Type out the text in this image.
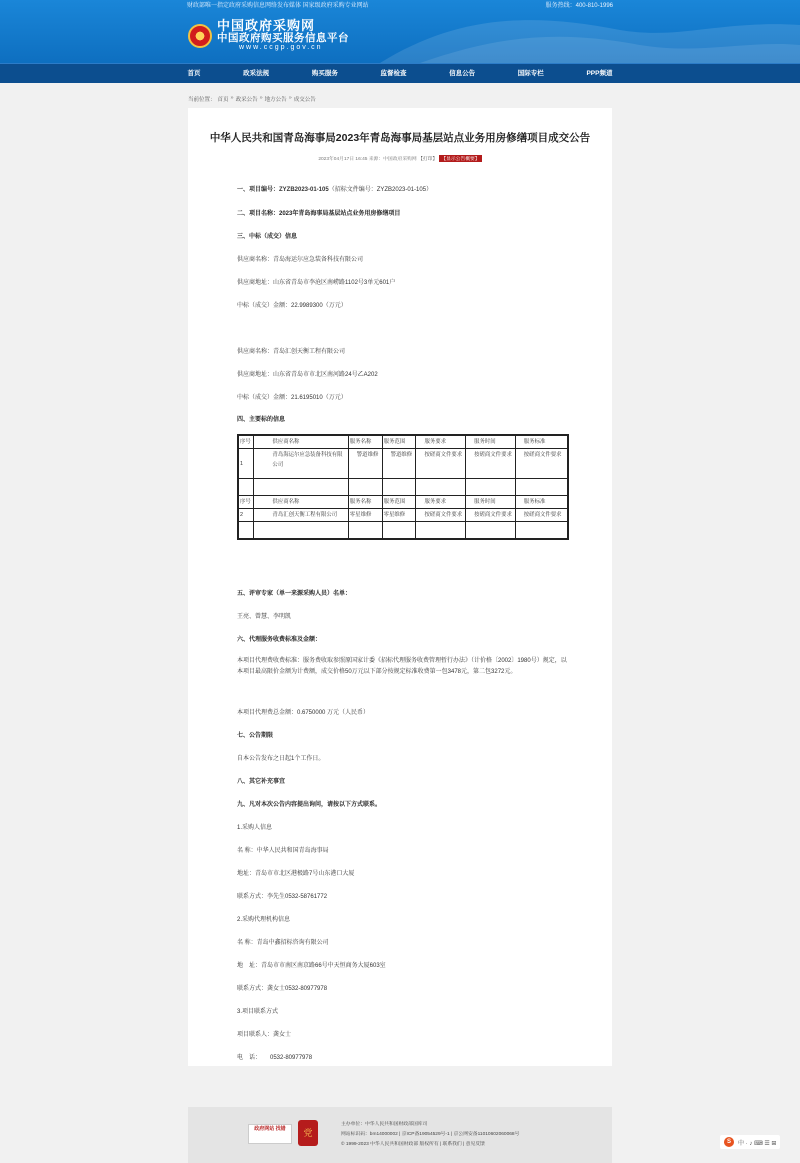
财政部唯一指定政府采购信息网络发布媒体 国家级政府采购专业网站	服务热线：400-810-1996
中国政府采购网
中国政府购买服务信息平台
www.ccgp.gov.cn
首页	政采法规	购买服务	监督检查	信息公告	国际专栏	PPP频道
当前位置： 首页 » 政采公告 » 地方公告 » 成交公告
中华人民共和国青岛海事局2023年青岛海事局基层站点业务用房修缮项目成交公告
2023年04月17日 16:45 来源：中国政府采购网 【打印】 【显示公告概要】
一、项目编号：ZYZB2023-01-105（招标文件编号：ZYZB2023-01-105）
二、项目名称：2023年青岛海事局基层站点业务用房修缮项目
三、中标（成交）信息
供应商名称：青岛海运尔应急装备科技有限公司
供应商地址：山东省青岛市李沧区南崂路1102号3单元601户
中标（成交）金额：22.9989300（万元）
供应商名称：青岛汇创天衡工程有限公司
供应商地址：山东省青岛市市北区南河路24号乙A202
中标（成交）金额：21.6195010（万元）
四、主要标的信息
序号	供应商名称	服务名称	服务范围	服务要求	服务时间	服务标准
1	青岛海运尔应急装备科技有限公司	警道维修	警道维修	按磋商文件要求	按磋商文件要求	按磋商文件要求

序号	供应商名称	服务名称	服务范围	服务要求	服务时间	服务标准
2	青岛汇创天衡工程有限公司	零星维修	零星维修	按磋商文件要求	按磋商文件要求	按磋商文件要求

五、评审专家（单一来源采购人员）名单：
王亮、曾慧、李明凯
六、代理服务收费标准及金额：
本项目代理费收费标准：服务费收取参照原国家计委《招标代理服务收费管理暂行办法》（计价格〔2002〕1980号）规定，以本项目最高限价金额为计费额，成交价格50万元以下部分按规定标准收费第一包3478元，第二包3272元。
本项目代理费总金额：0.6750000 万元（人民币）
七、公告期限
自本公告发布之日起1个工作日。
八、其它补充事宜
九、凡对本次公告内容提出询问，请按以下方式联系。
1.采购人信息
名 称：中华人民共和国青岛海事局
地址：青岛市市北区港极路7号山东港口大厦
联系方式：李先生0532-58761772
2.采购代理机构信息
名 称：青岛中鑫招标咨询有限公司
地　址：青岛市市南区南京路66号中天恒商务大厦603室
联系方式：龚女士0532-80977978
3.项目联系方式
项目联系人：龚女士
电　话：　　0532-80977978
政府网站 找错	党
主办单位：中华人民共和国财政部国库司
网站标识码：bm14000002 | 京ICP备19054529号-1 | 京公网安备11010602060068号
© 1999-2023 中华人民共和国财政部 版权所有 | 联系我们 | 意见反馈	S	中 · ♪ ⌨ ☰ ⊞
